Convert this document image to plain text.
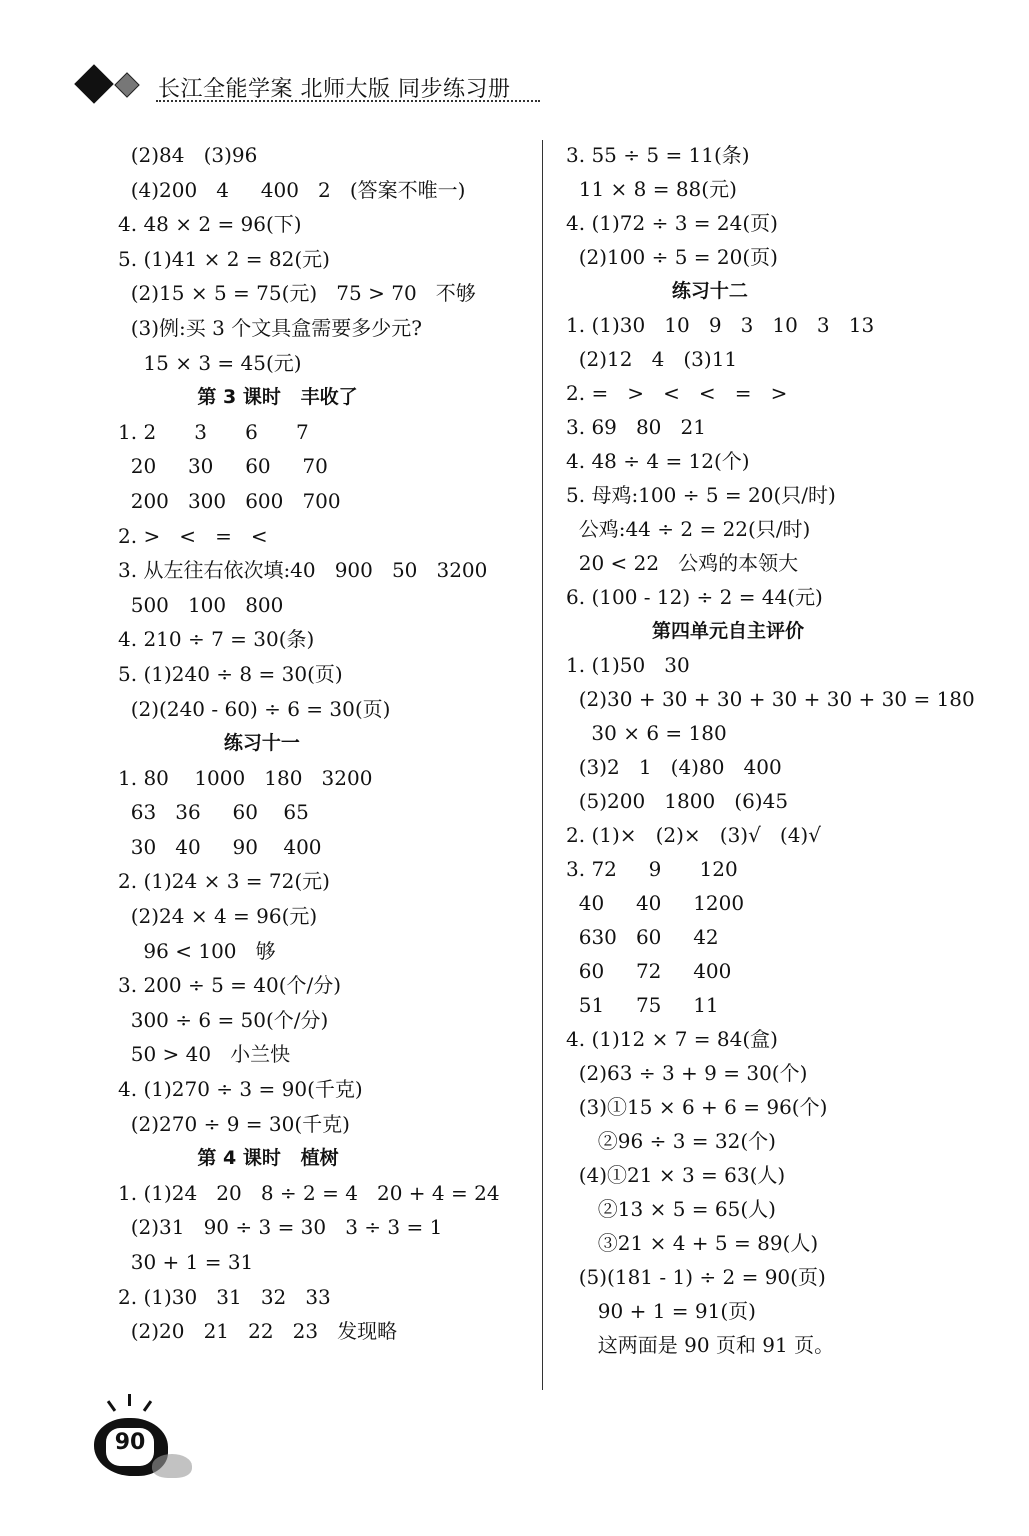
长江全能学案 北师大版 同步练习册
(2)84   (3)96
(4)200   4     400   2   (答案不唯一)
4. 48 × 2 = 96(下)
5. (1)41 × 2 = 82(元)
(2)15 × 5 = 75(元)   75 > 70   不够
(3)例:买 3 个文具盒需要多少元?
15 × 3 = 45(元)
第 3 课时   丰收了
1. 2      3      6      7
20     30     60     70
200   300   600   700
2. >   <   =   <
3. 从左往右依次填:40   900   50   3200
500   100   800
4. 210 ÷ 7 = 30(条)
5. (1)240 ÷ 8 = 30(页)
(2)(240 - 60) ÷ 6 = 30(页)
练习十一
1. 80    1000   180   3200
63   36     60    65
30   40     90    400
2. (1)24 × 3 = 72(元)
(2)24 × 4 = 96(元)
96 < 100   够
3. 200 ÷ 5 = 40(个/分)
300 ÷ 6 = 50(个/分)
50 > 40   小兰快
4. (1)270 ÷ 3 = 90(千克)
(2)270 ÷ 9 = 30(千克)
第 4 课时   植树
1. (1)24   20   8 ÷ 2 = 4   20 + 4 = 24
(2)31   90 ÷ 3 = 30   3 ÷ 3 = 1
30 + 1 = 31
2. (1)30   31   32   33
(2)20   21   22   23   发现略
3. 55 ÷ 5 = 11(条)
11 × 8 = 88(元)
4. (1)72 ÷ 3 = 24(页)
(2)100 ÷ 5 = 20(页)
练习十二
1. (1)30   10   9   3   10   3   13
(2)12   4   (3)11
2. =   >   <   <   =   >
3. 69   80   21
4. 48 ÷ 4 = 12(个)
5. 母鸡:100 ÷ 5 = 20(只/时)
公鸡:44 ÷ 2 = 22(只/时)
20 < 22   公鸡的本领大
6. (100 - 12) ÷ 2 = 44(元)
第四单元自主评价
1. (1)50   30
(2)30 + 30 + 30 + 30 + 30 + 30 = 180
30 × 6 = 180
(3)2   1   (4)80   400
(5)200   1800   (6)45
2. (1)×   (2)×   (3)√   (4)√
3. 72     9      120
40     40     1200
630   60     42
60     72     400
51     75     11
4. (1)12 × 7 = 84(盒)
(2)63 ÷ 3 + 9 = 30(个)
(3)①15 × 6 + 6 = 96(个)
②96 ÷ 3 = 32(个)
(4)①21 × 3 = 63(人)
②13 × 5 = 65(人)
③21 × 4 + 5 = 89(人)
(5)(181 - 1) ÷ 2 = 90(页)
90 + 1 = 91(页)
这两面是 90 页和 91 页。
90
